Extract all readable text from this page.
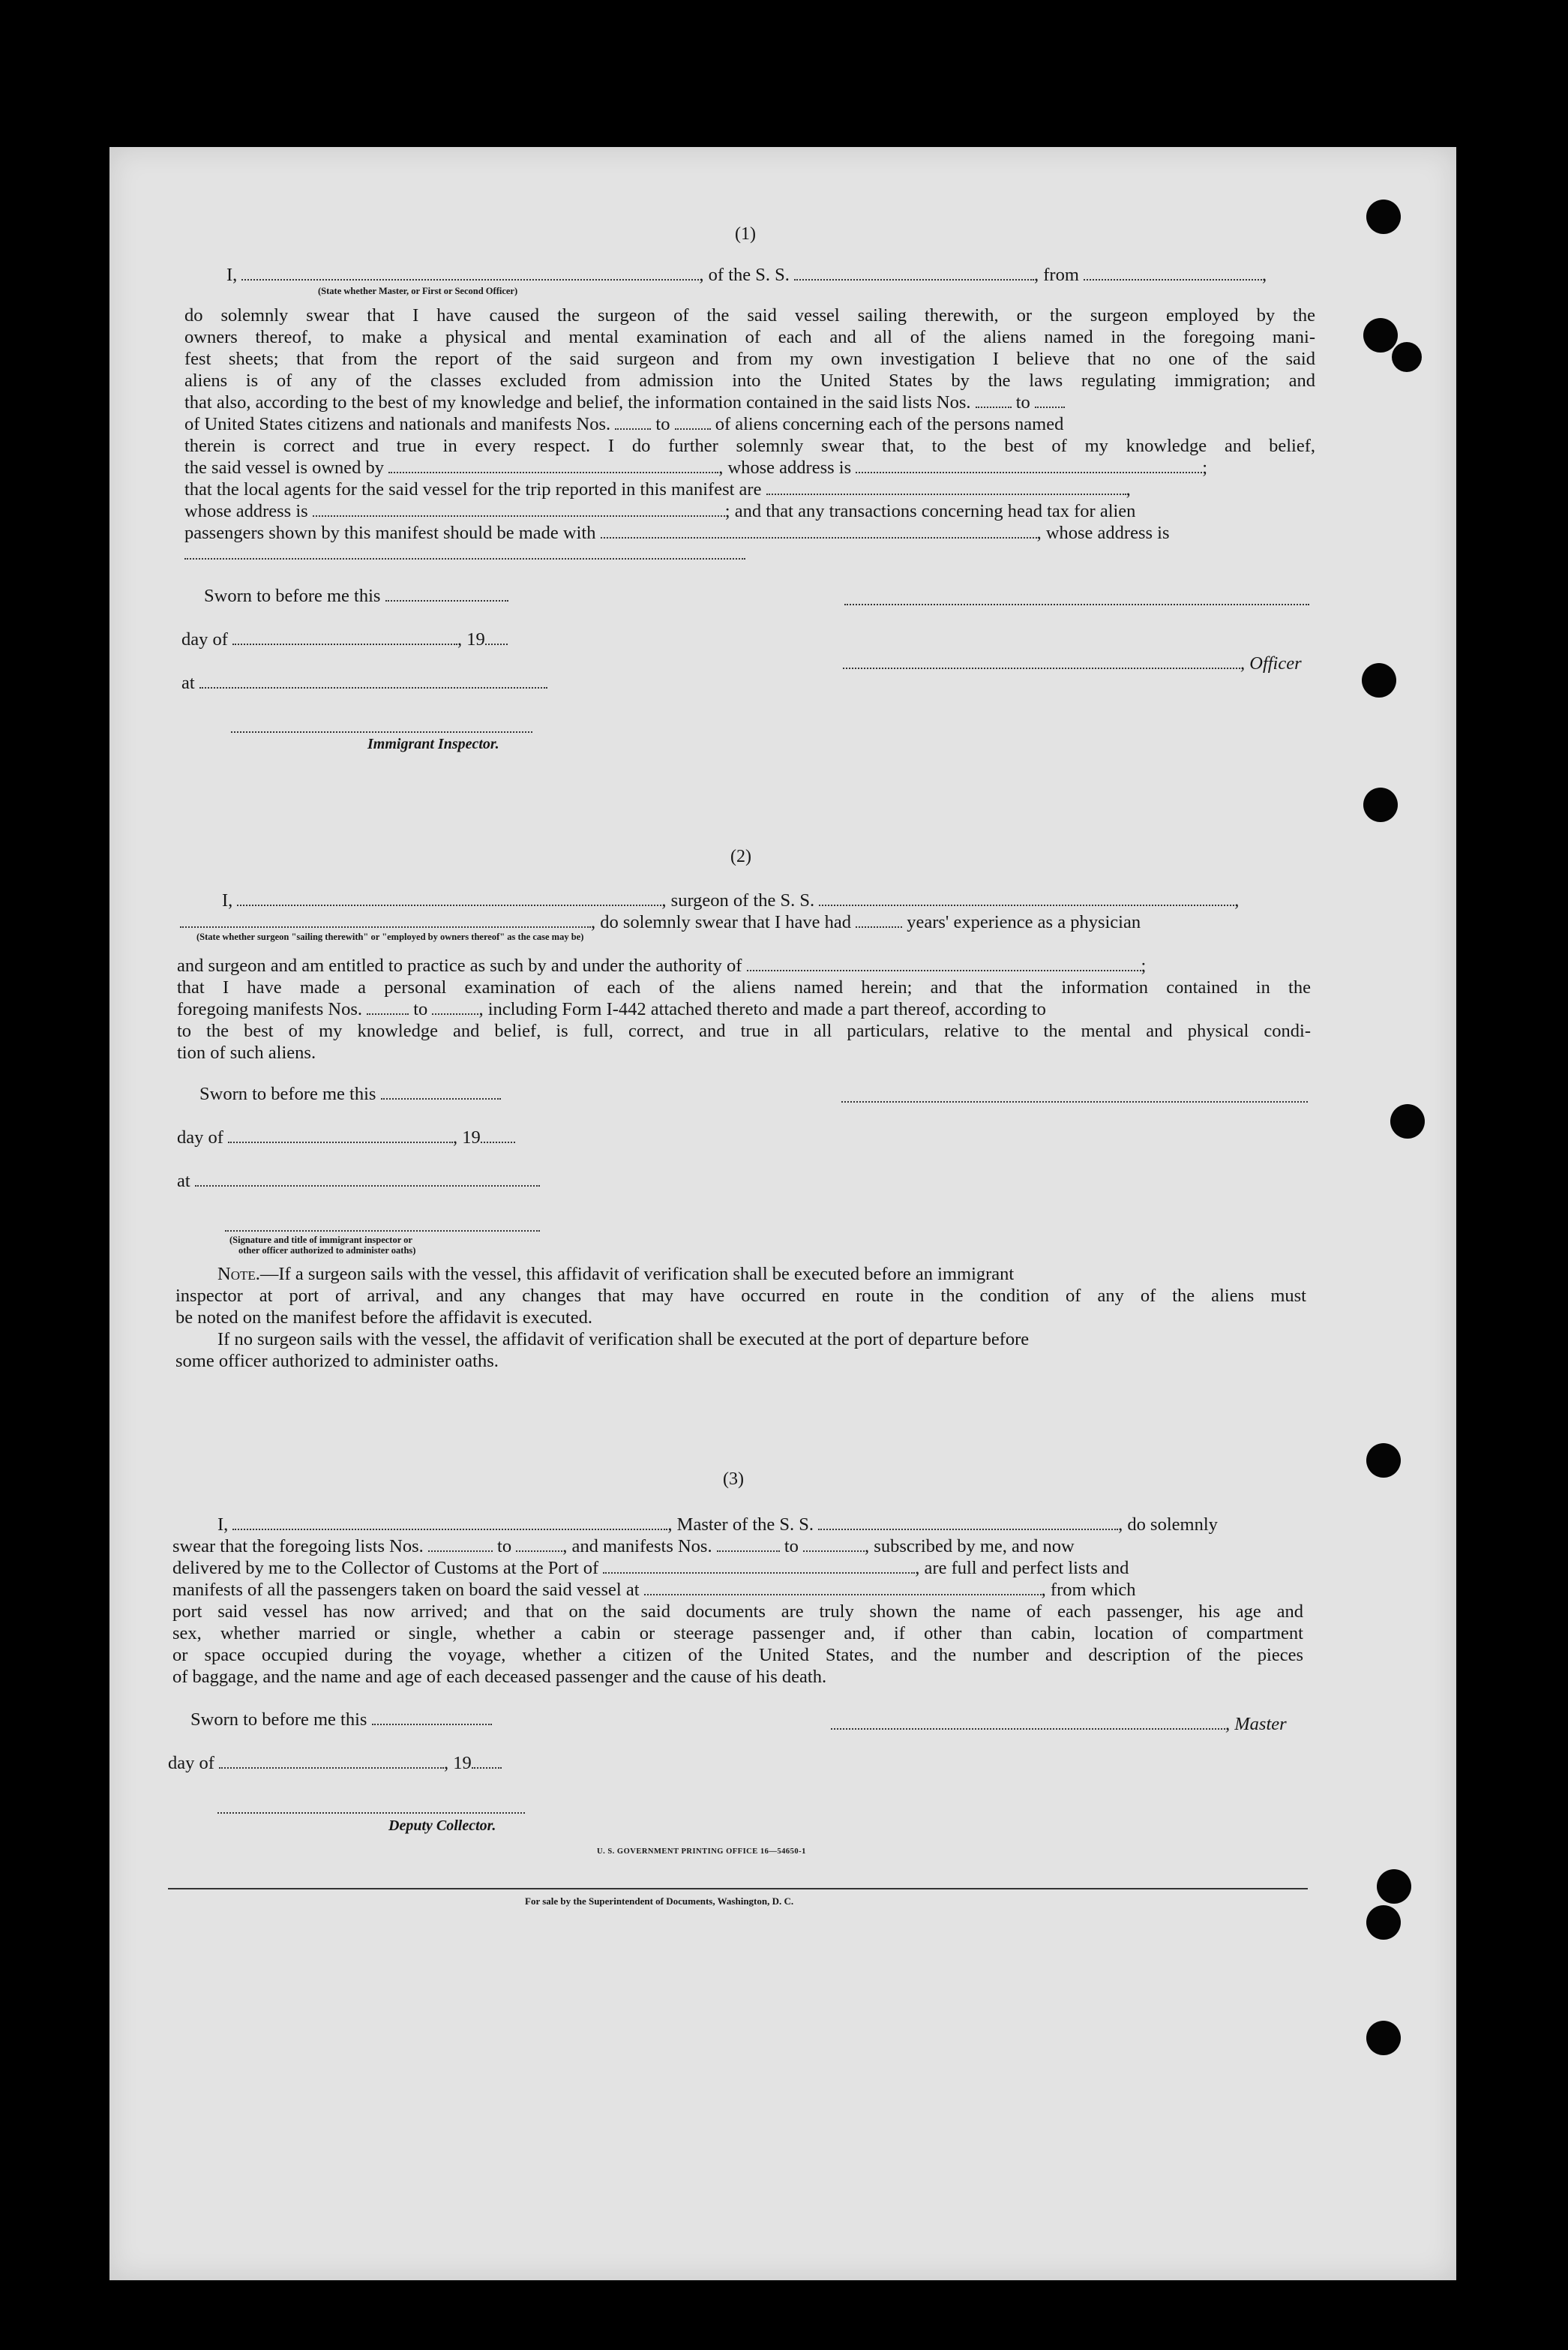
(1)
I,	, of the S. S.	, from	,
(State whether Master, or First or Second Officer)
do solemnly swear that I have caused the surgeon of the said vessel sailing therewith, or the surgeon employed by the
owners thereof, to make a physical and mental examination of each and all of the aliens named in the foregoing mani-
fest sheets; that from the report of the said surgeon and from my own investigation I believe that no one of the said
aliens is of any of the classes excluded from admission into the United States by the laws regulating immigration; and
that also, according to the best of my knowledge and belief, the information contained in the said lists Nos. to
of United States citizens and nationals and manifests Nos. to of aliens concerning each of the persons named
therein is correct and true in every respect. I do further solemnly swear that, to the best of my knowledge and belief,
the said vessel is owned by	, whose address is	;
that the local agents for the said vessel for the trip reported in this manifest are	,
whose address is	; and that any transactions concerning head tax for alien
passengers shown by this manifest should be made with	, whose address is
Sworn to before me this
day of	, 19
at
Immigrant Inspector.
, Officer
(2)
I,	, surgeon of the S. S.	,
, do solemnly swear that I have had	years' experience as a physician
(State whether surgeon "sailing therewith" or "employed by owners thereof" as the case may be)
and surgeon and am entitled to practice as such by and under the authority of	;
that I have made a personal examination of each of the aliens named herein; and that the information contained in the
foregoing manifests Nos.	to	, including Form I-442 attached thereto and made a part thereof, according to
to the best of my knowledge and belief, is full, correct, and true in all particulars, relative to the mental and physical condi-
tion of such aliens.
Sworn to before me this
day of	, 19
at
(Signature and title of immigrant inspector or
other officer authorized to administer oaths)
Note.—If a surgeon sails with the vessel, this affidavit of verification shall be executed before an immigrant
inspector at port of arrival, and any changes that may have occurred en route in the condition of any of the aliens must
be noted on the manifest before the affidavit is executed.
If no surgeon sails with the vessel, the affidavit of verification shall be executed at the port of departure before
some officer authorized to administer oaths.
(3)
I,	, Master of the S. S.	, do solemnly
swear that the foregoing lists Nos.	to	, and manifests Nos.	to	, subscribed by me, and now
delivered by me to the Collector of Customs at the Port of	, are full and perfect lists and
manifests of all the passengers taken on board the said vessel at	, from which
port said vessel has now arrived; and that on the said documents are truly shown the name of each passenger, his age and
sex, whether married or single, whether a cabin or steerage passenger and, if other than cabin, location of compartment
or space occupied during the voyage, whether a citizen of the United States, and the number and description of the pieces
of baggage, and the name and age of each deceased passenger and the cause of his death.
Sworn to before me this
day of	, 19
, Master
Deputy Collector.
U. S. GOVERNMENT PRINTING OFFICE 16—54650-1
For sale by the Superintendent of Documents, Washington, D. C.
